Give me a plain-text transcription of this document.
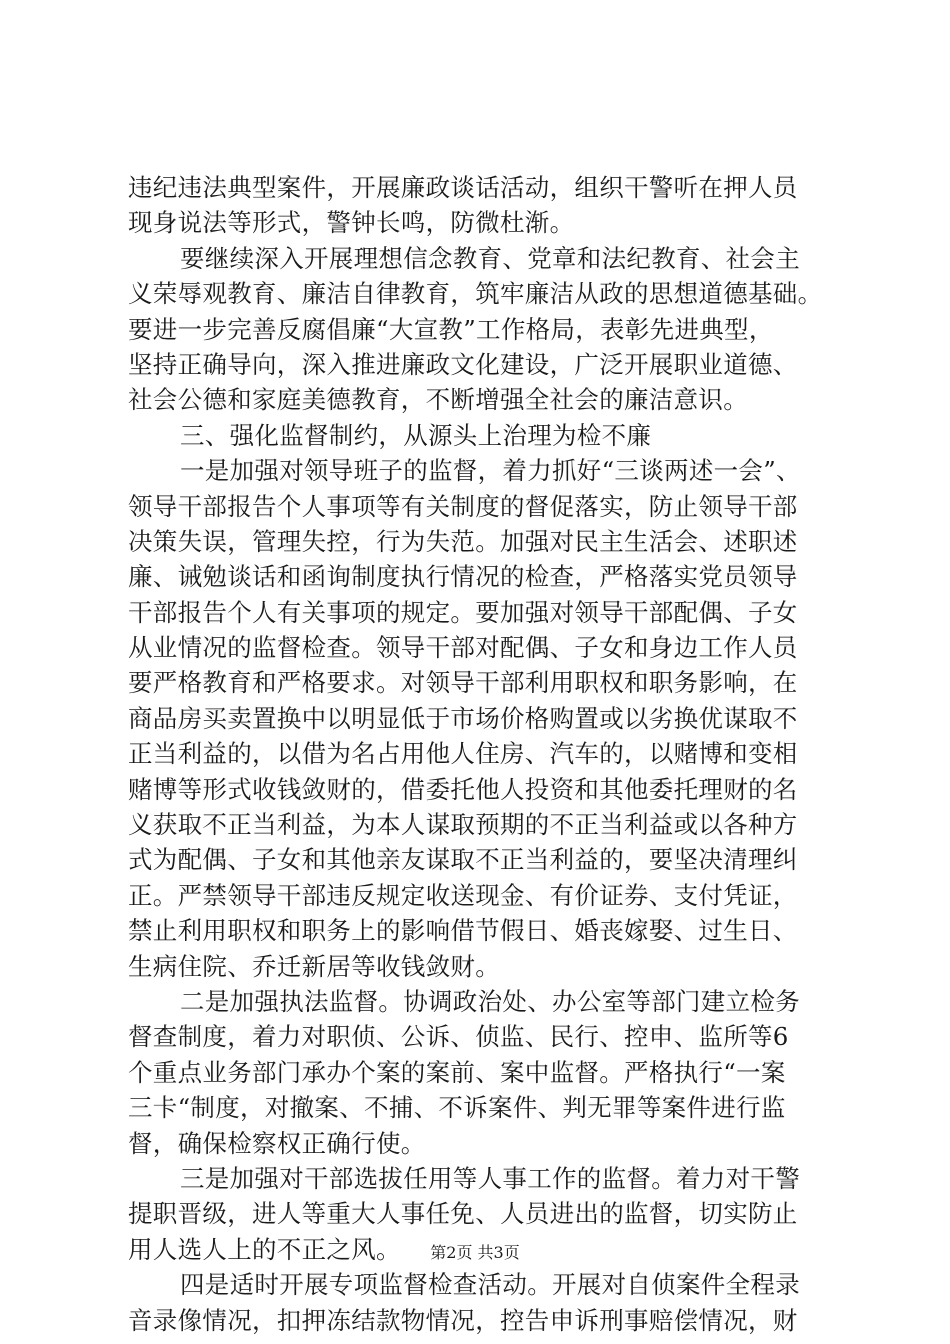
违纪违法典型案件，开展廉政谈话活动，组织干警听在押人员
现身说法等形式，警钟长鸣，防微杜渐。
要继续深入开展理想信念教育、党章和法纪教育、社会主
义荣辱观教育、廉洁自律教育，筑牢廉洁从政的思想道德基础。
要进一步完善反腐倡廉“大宣教”工作格局，表彰先进典型，
坚持正确导向，深入推进廉政文化建设，广泛开展职业道德、
社会公德和家庭美德教育，不断增强全社会的廉洁意识。
三、强化监督制约，从源头上治理为检不廉
一是加强对领导班子的监督，着力抓好“三谈两述一会”、
领导干部报告个人事项等有关制度的督促落实，防止领导干部
决策失误，管理失控，行为失范。加强对民主生活会、述职述
廉、诫勉谈话和函询制度执行情况的检查，严格落实党员领导
干部报告个人有关事项的规定。要加强对领导干部配偶、子女
从业情况的监督检查。领导干部对配偶、子女和身边工作人员
要严格教育和严格要求。对领导干部利用职权和职务影响，在
商品房买卖置换中以明显低于市场价格购置或以劣换优谋取不
正当利益的，以借为名占用他人住房、汽车的，以赌博和变相
赌博等形式收钱敛财的，借委托他人投资和其他委托理财的名
义获取不正当利益，为本人谋取预期的不正当利益或以各种方
式为配偶、子女和其他亲友谋取不正当利益的，要坚决清理纠
正。严禁领导干部违反规定收送现金、有价证券、支付凭证，
禁止利用职权和职务上的影响借节假日、婚丧嫁娶、过生日、
生病住院、乔迁新居等收钱敛财。
二是加强执法监督。协调政治处、办公室等部门建立检务
督查制度，着力对职侦、公诉、侦监、民行、控申、监所等6
个重点业务部门承办个案的案前、案中监督。严格执行“一案
三卡“制度，对撤案、不捕、不诉案件、判无罪等案件进行监
督，确保检察权正确行使。
三是加强对干部选拔任用等人事工作的监督。着力对干警
提职晋级，进人等重大人事任免、人员进出的监督，切实防止
用人选人上的不正之风。
四是适时开展专项监督检查活动。开展对自侦案件全程录
音录像情况，扣押冻结款物情况，控告申诉刑事赔偿情况，财
第2页 共3页
